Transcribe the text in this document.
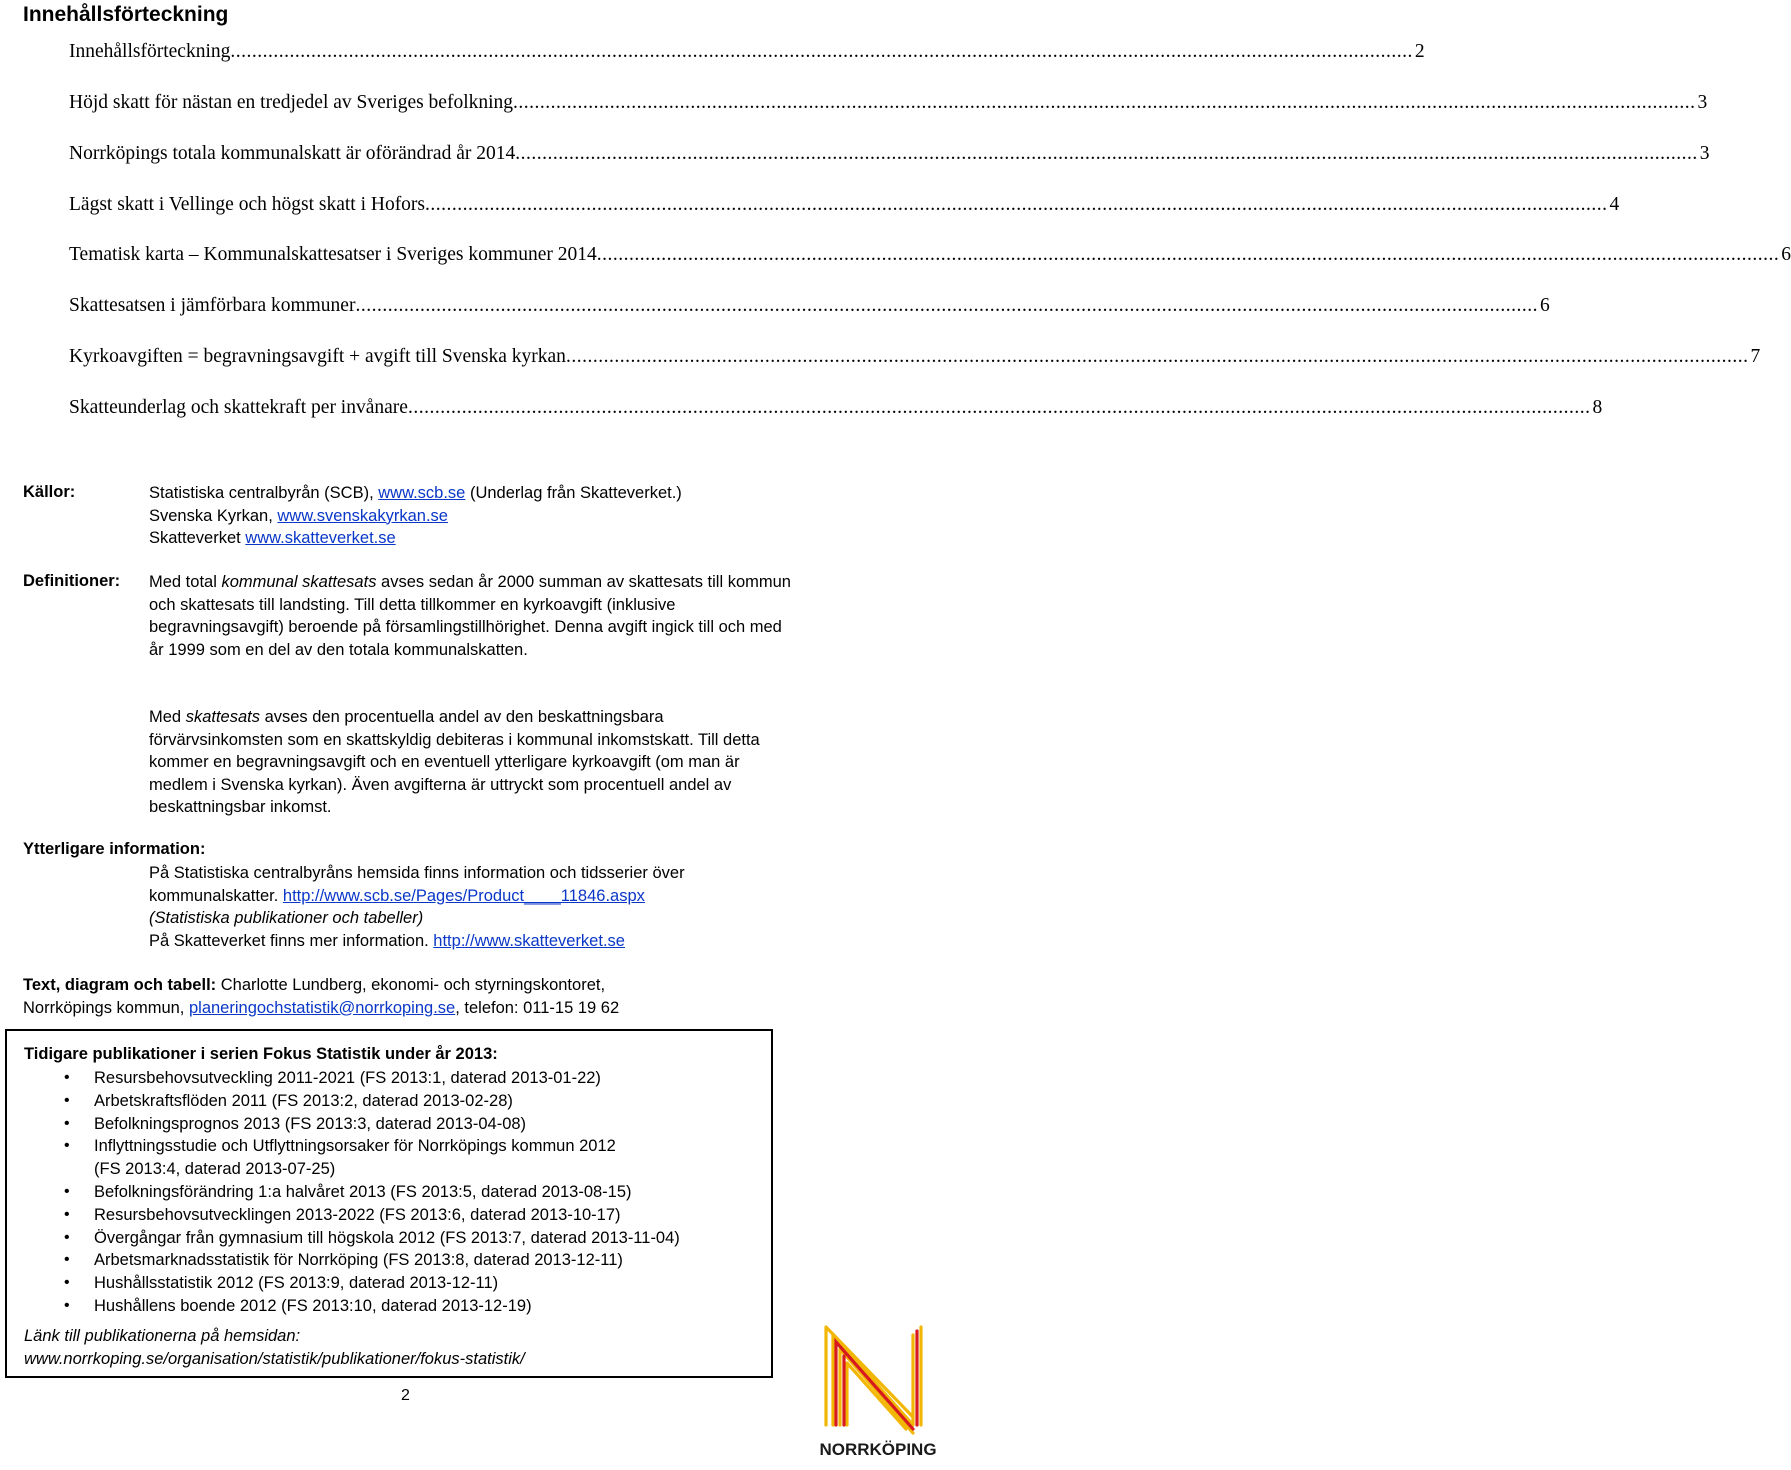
Innehållsförteckning
Innehållsförteckning ............................................................................................................................................................................................................................ 2
Höjd skatt för nästan en tredjedel av Sveriges befolkning ............................................................................................................................................................................................................................ 3
Norrköpings totala kommunalskatt är oförändrad år 2014 ............................................................................................................................................................................................................................ 3
Lägst skatt i Vellinge och högst skatt i Hofors ............................................................................................................................................................................................................................ 4
Tematisk karta – Kommunalskattesatser i Sveriges kommuner 2014 ............................................................................................................................................................................................................................ 6
Skattesatsen i jämförbara kommuner ............................................................................................................................................................................................................................ 6
Kyrkoavgiften = begravningsavgift + avgift till Svenska kyrkan ............................................................................................................................................................................................................................ 7
Skatteunderlag och skattekraft per invånare ............................................................................................................................................................................................................................ 8
Källor:	Statistiska centralbyrån (SCB), www.scb.se (Underlag från Skatteverket.)
Svenska Kyrkan, www.svenskakyrkan.se
Skatteverket www.skatteverket.se
Definitioner: Med total kommunal skattesats avses sedan år 2000 summan av skattesats till kommun och skattesats till landsting. Till detta tillkommer en kyrkoavgift (inklusive begravningsavgift) beroende på församlingstillhörighet. Denna avgift ingick till och med år 1999 som en del av den totala kommunalskatten.
Med skattesats avses den procentuella andel av den beskattningsbara förvärvsinkomsten som en skattskyldig debiteras i kommunal inkomstskatt. Till detta kommer en begravningsavgift och en eventuell ytterligare kyrkoavgift (om man är medlem i Svenska kyrkan). Även avgifterna är uttryckt som procentuell andel av beskattningsbar inkomst.
Ytterligare information:
På Statistiska centralbyråns hemsida finns information och tidsserier över
kommunalskatter. http://www.scb.se/Pages/Product____11846.aspx
(Statistiska publikationer och tabeller)
På Skatteverket finns mer information. http://www.skatteverket.se
Text, diagram och tabell: Charlotte Lundberg, ekonomi- och styrningskontoret,
Norrköpings kommun, planeringochstatistik@norrkoping.se, telefon: 011-15 19 62
Tidigare publikationer i serien Fokus Statistik under år 2013:
• Resursbehovsutveckling 2011-2021 (FS 2013:1, daterad 2013-01-22)
• Arbetskraftsflöden 2011 (FS 2013:2, daterad 2013-02-28)
• Befolkningsprognos 2013 (FS 2013:3, daterad 2013-04-08)
• Inflyttningsstudie och Utflyttningsorsaker för Norrköpings kommun 2012
(FS 2013:4, daterad 2013-07-25)
• Befolkningsförändring 1:a halvåret 2013 (FS 2013:5, daterad 2013-08-15)
• Resursbehovsutvecklingen 2013-2022 (FS 2013:6, daterad 2013-10-17)
• Övergångar från gymnasium till högskola 2012 (FS 2013:7, daterad 2013-11-04)
• Arbetsmarknadsstatistik för Norrköping (FS 2013:8, daterad 2013-12-11)
• Hushållsstatistik 2012 (FS 2013:9, daterad 2013-12-11)
• Hushållens boende 2012 (FS 2013:10, daterad 2013-12-19)
Länk till publikationerna på hemsidan:
www.norrkoping.se/organisation/statistik/publikationer/fokus-statistik/
2
NORRKÖPING
